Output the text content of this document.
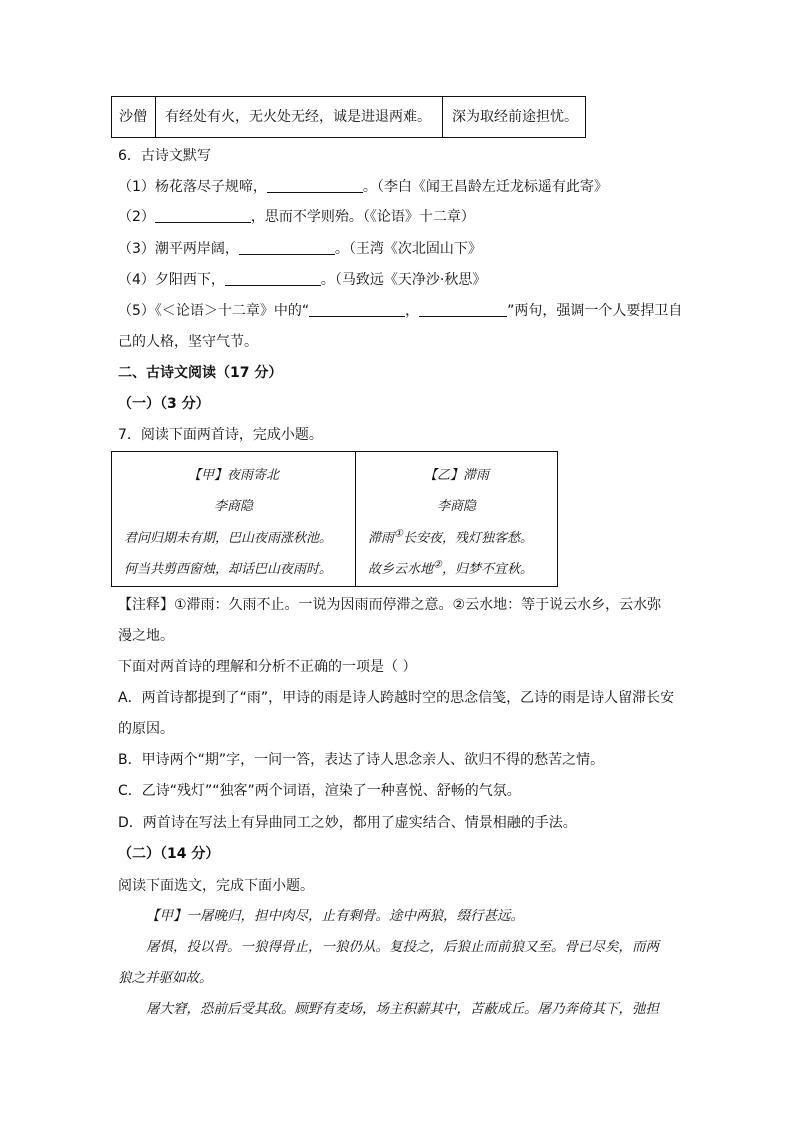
沙僧	有经处有火，无火处无经，诚是进退两难。	深为取经前途担忧。
6．古诗文默写
（1）杨花落尽子规啼，	。（李白《闻王昌龄左迁龙标遥有此寄》
（2）	，思而不学则殆。（《论语》十二章）
（3）潮平两岸阔，	。（王湾《次北固山下》
（4）夕阳西下，	。（马致远《天净沙·秋思》
（5）《＜论语＞十二章》中的“	，	”两句，强调一个人要捍卫自
己的人格，坚守气节。
二、古诗文阅读（17 分）
（一）（3 分）
7．阅读下面两首诗，完成小题。
【甲】夜雨寄北
李商隐
君问归期未有期，巴山夜雨涨秋池。
何当共剪西窗烛，却话巴山夜雨时。
【乙】滞雨
李商隐
滞雨①长安夜，残灯独客愁。
故乡云水地②，归梦不宜秋。
【注释】①滞雨：久雨不止。一说为因雨而停滞之意。②云水地：等于说云水乡，云水弥
漫之地。
下面对两首诗的理解和分析不正确的一项是（ ）
A．两首诗都提到了“雨”，甲诗的雨是诗人跨越时空的思念信笺，乙诗的雨是诗人留滞长安
的原因。
B．甲诗两个“期”字，一问一答，表达了诗人思念亲人、欲归不得的愁苦之情。
C．乙诗“残灯”“独客”两个词语，渲染了一种喜悦、舒畅的气氛。
D．两首诗在写法上有异曲同工之妙，都用了虚实结合、情景相融的手法。
（二）（14 分）
阅读下面选文，完成下面小题。
【甲】一屠晚归，担中肉尽，止有剩骨。途中两狼，缀行甚远。
屠惧，投以骨。一狼得骨止，一狼仍从。复投之，后狼止而前狼又至。骨已尽矣，而两
狼之并驱如故。
屠大窘，恐前后受其敌。顾野有麦场，场主积薪其中，苫蔽成丘。屠乃奔倚其下，弛担
